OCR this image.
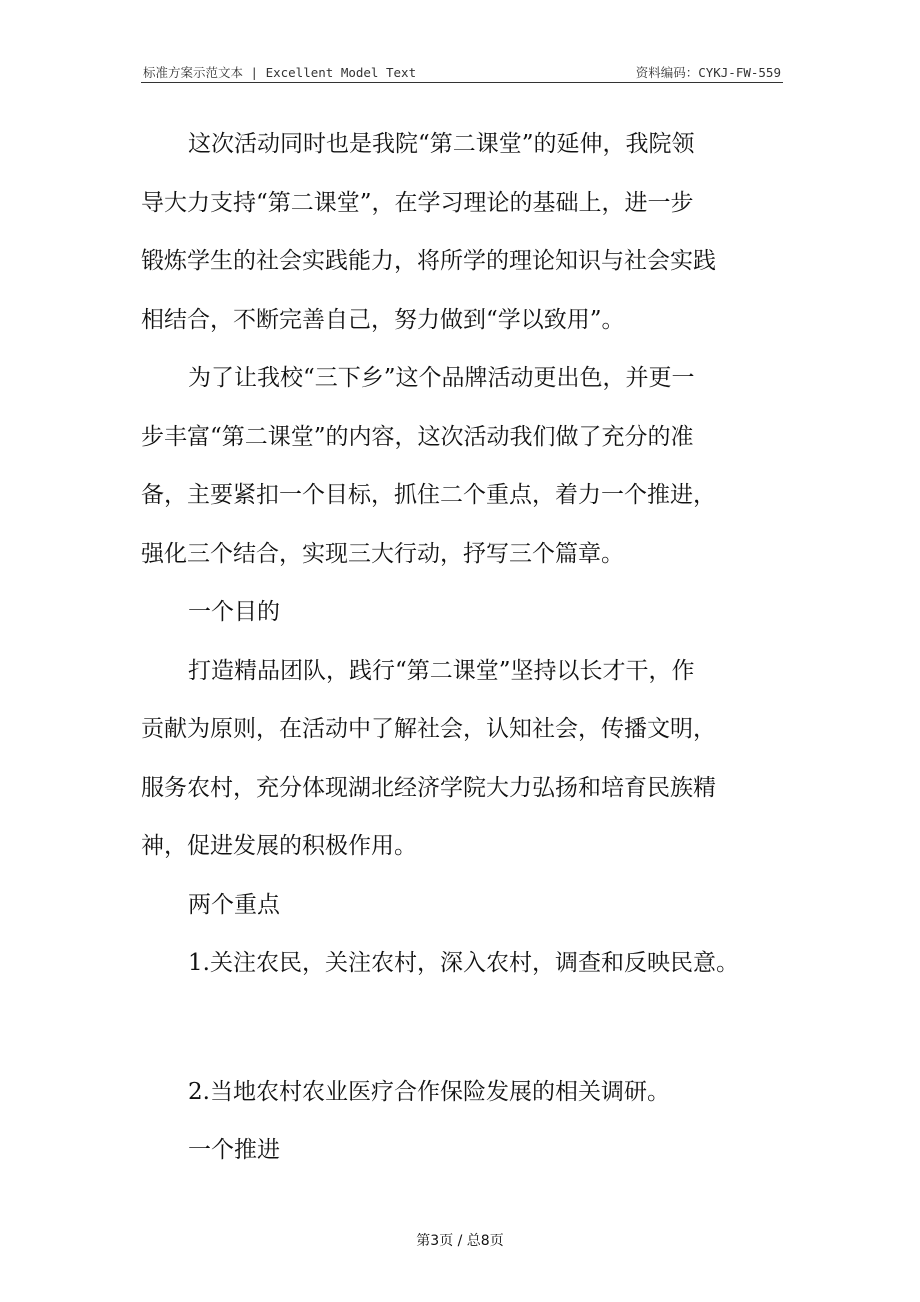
标准方案示范文本 | Excellent Model Text	资料编码：CYKJ-FW-559
这次活动同时也是我院“第二课堂”的延伸，我院领
导大力支持“第二课堂”，在学习理论的基础上，进一步
锻炼学生的社会实践能力，将所学的理论知识与社会实践
相结合，不断完善自己，努力做到“学以致用”。
为了让我校“三下乡”这个品牌活动更出色，并更一
步丰富“第二课堂”的内容，这次活动我们做了充分的准
备，主要紧扣一个目标，抓住二个重点，着力一个推进，
强化三个结合，实现三大行动，抒写三个篇章。
一个目的
打造精品团队，践行“第二课堂”坚持以长才干，作
贡献为原则，在活动中了解社会，认知社会，传播文明，
服务农村，充分体现湖北经济学院大力弘扬和培育民族精
神，促进发展的积极作用。
两个重点
1.关注农民，关注农村，深入农村，调查和反映民意。
2.当地农村农业医疗合作保险发展的相关调研。
一个推进
第3页 / 总8页
